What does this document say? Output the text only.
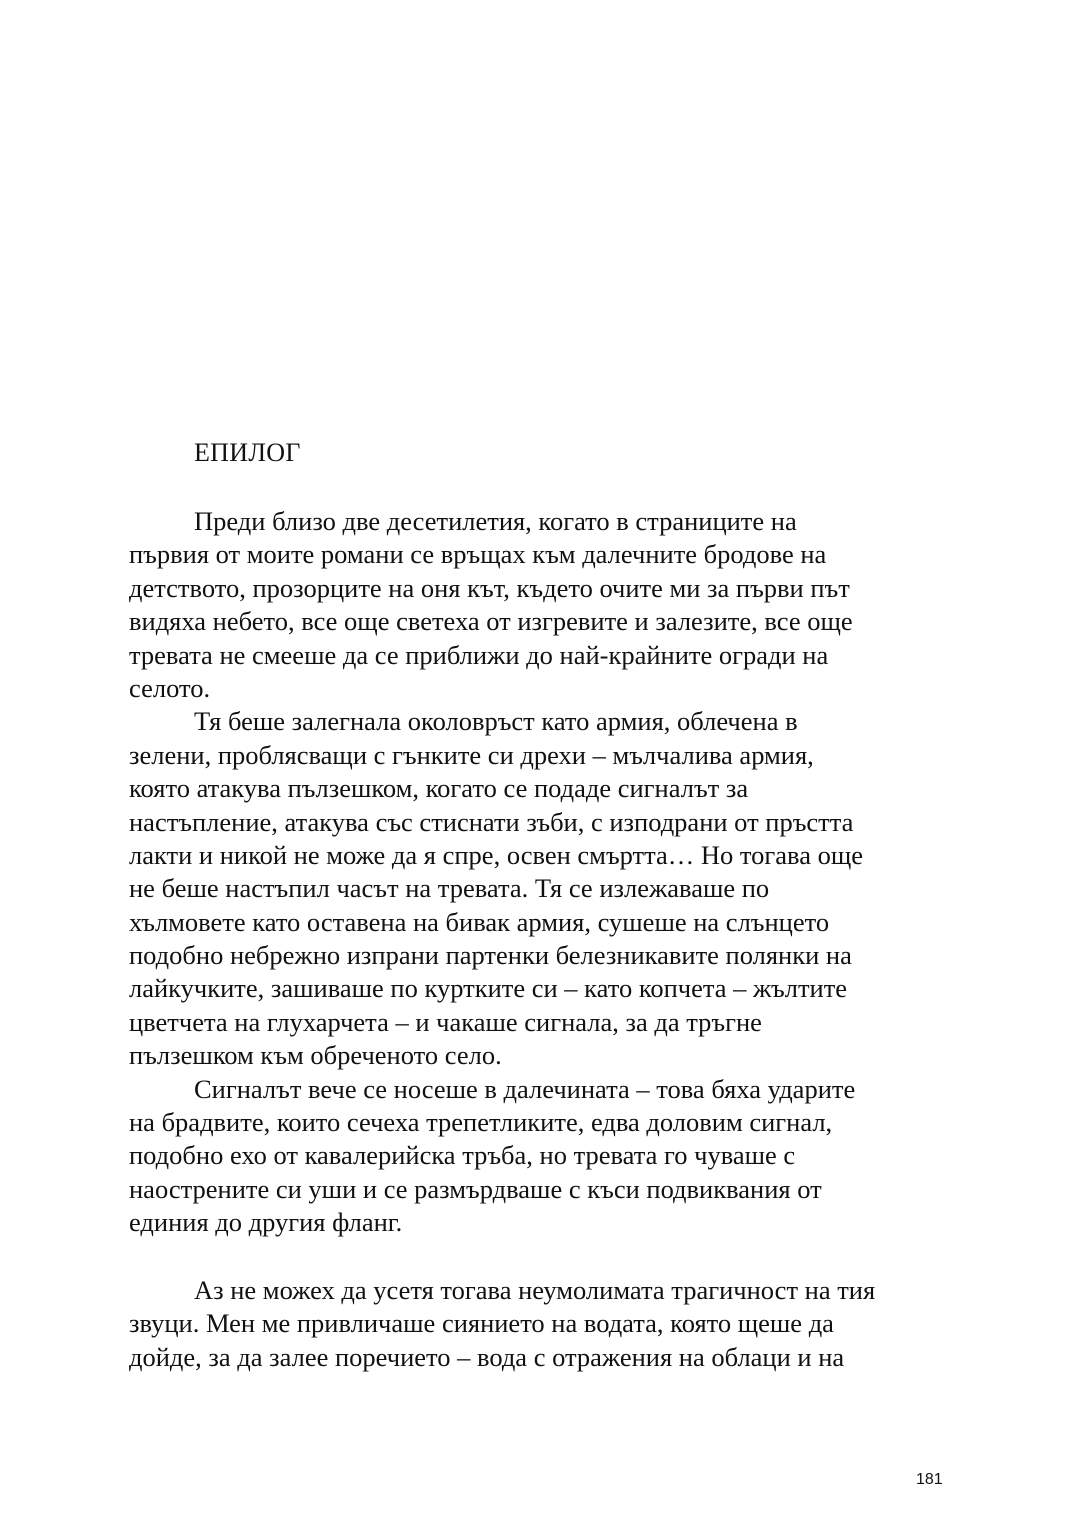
ЕПИЛОГ
Преди близо две десетилетия, когато в страниците на
първия от моите романи се връщах към далечните бродове на
детството, прозорците на оня кът, където очите ми за първи път
видяха небето, все още светеха от изгревите и залезите, все още
тревата не смееше да се приближи до най-крайните огради на
селото.
Тя беше залегнала околовръст като армия, облечена в
зелени, проблясващи с гънките си дрехи – мълчалива армия,
която атакува пълзешком, когато се подаде сигналът за
настъпление, атакува със стиснати зъби, с изподрани от пръстта
лакти и никой не може да я спре, освен смъртта… Но тогава още
не беше настъпил часът на тревата. Тя се излежаваше по
хълмовете като оставена на бивак армия, сушеше на слънцето
подобно небрежно изпрани партенки белезникавите полянки на
лайкучките, зашиваше по куртките си – като копчета – жълтите
цветчета на глухарчета – и чакаше сигнала, за да тръгне
пълзешком към обреченото село.
Сигналът вече се носеше в далечината – това бяха ударите
на брадвите, които сечеха трепетликите, едва доловим сигнал,
подобно ехо от кавалерийска тръба, но тревата го чуваше с
наострените си уши и се размърдваше с къси подвиквания от
единия до другия фланг.
Аз не можех да усетя тогава неумолимата трагичност на тия
звуци. Мен ме привличаше сиянието на водата, която щеше да
дойде, за да залее поречието – вода с отражения на облаци и на
181
